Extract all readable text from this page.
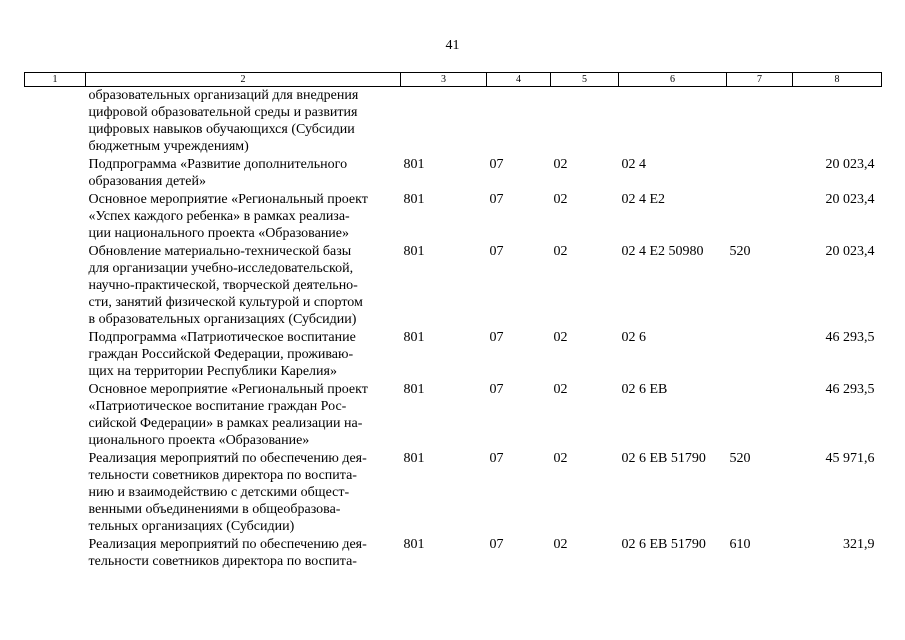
41
1	2	3	4	5	6	7	8

	образовательных организаций для внедрения
цифровой образовательной среды и развития
цифровых навыков обучающихся (Субсидии
бюджетным учреждениям)						

	Подпрограмма «Развитие дополнительного
образования детей»	801	07	02	02 4		20 023,4

	Основное мероприятие «Региональный проект
«Успех каждого ребенка» в рамках реализа-
ции национального проекта «Образование»	801	07	02	02 4 Е2		20 023,4

	Обновление материально-технической базы
для организации учебно-исследовательской,
научно-практической, творческой деятельно-
сти, занятий физической культурой и спортом
в образовательных организациях (Субсидии)	801	07	02	02 4 Е2 50980	520	20 023,4

	Подпрограмма «Патриотическое воспитание
граждан Российской Федерации, проживаю-
щих на территории Республики Карелия»	801	07	02	02 6		46 293,5

	Основное мероприятие «Региональный проект
«Патриотическое воспитание граждан Рос-
сийской Федерации» в рамках реализации на-
ционального проекта «Образование»	801	07	02	02 6 ЕВ		46 293,5

	Реализация мероприятий по обеспечению дея-
тельности советников директора по воспита-
нию и взаимодействию с детскими общест-
венными объединениями в общеобразова-
тельных организациях (Субсидии)	801	07	02	02 6 ЕВ 51790	520	45 971,6

	Реализация мероприятий по обеспечению дея-
тельности советников директора по воспита-	801	07	02	02 6 ЕВ 51790	610	321,9
